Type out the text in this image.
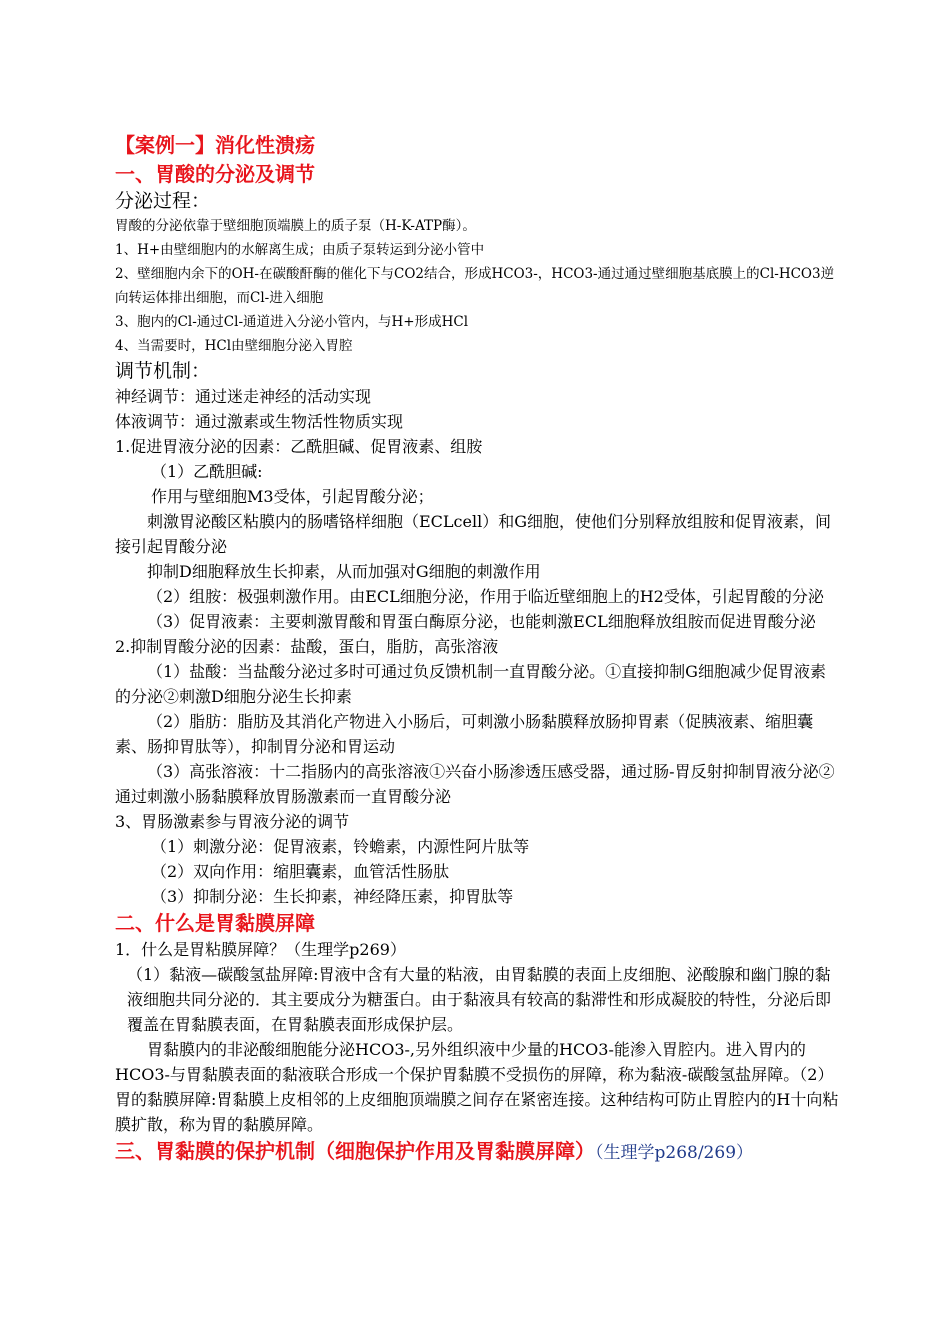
【案例一】消化性溃疡

一、胃酸的分泌及调节

分泌过程：

胃酸的分泌依靠于壁细胞顶端膜上的质子泵（H-K-ATP酶）。

1、H+由壁细胞内的水解离生成；由质子泵转运到分泌小管中

2、壁细胞内余下的OH-在碳酸酐酶的催化下与CO2结合，形成HCO3-，HCO3-通过通过壁细胞基底膜上的Cl-HCO3逆向转运体排出细胞，而Cl-进入细胞

3、胞内的Cl-通过Cl-通道进入分泌小管内，与H+形成HCl

4、当需要时，HCl由壁细胞分泌入胃腔

调节机制：

神经调节：通过迷走神经的活动实现

体液调节：通过激素或生物活性物质实现

1.促进胃液分泌的因素：乙酰胆碱、促胃液素、组胺

（1）乙酰胆碱:

作用与壁细胞M3受体，引起胃酸分泌；

刺激胃泌酸区粘膜内的肠嗜铬样细胞（ECLcell）和G细胞，使他们分别释放组胺和促胃液素，间接引起胃酸分泌

抑制D细胞释放生长抑素，从而加强对G细胞的刺激作用

（2）组胺：极强刺激作用。由ECL细胞分泌，作用于临近壁细胞上的H2受体，引起胃酸的分泌

（3）促胃液素：主要刺激胃酸和胃蛋白酶原分泌，也能刺激ECL细胞释放组胺而促进胃酸分泌

2.抑制胃酸分泌的因素：盐酸，蛋白，脂肪，高张溶液

（1）盐酸：当盐酸分泌过多时可通过负反馈机制一直胃酸分泌。①直接抑制G细胞减少促胃液素的分泌②刺激D细胞分泌生长抑素

（2）脂肪：脂肪及其消化产物进入小肠后，可刺激小肠黏膜释放肠抑胃素（促胰液素、缩胆囊素、肠抑胃肽等），抑制胃分泌和胃运动

（3）高张溶液：十二指肠内的高张溶液①兴奋小肠渗透压感受器，通过肠-胃反射抑制胃液分泌②通过刺激小肠黏膜释放胃肠激素而一直胃酸分泌

3、胃肠激素参与胃液分泌的调节

（1）刺激分泌：促胃液素，铃蟾素，内源性阿片肽等

（2）双向作用：缩胆囊素，血管活性肠肽

（3）抑制分泌：生长抑素，神经降压素，抑胃肽等

二、什么是胃黏膜屏障

1．什么是胃粘膜屏障？（生理学p269）

（1）黏液—碳酸氢盐屏障:胃液中含有大量的粘液，由胃黏膜的表面上皮细胞、泌酸腺和幽门腺的黏液细胞共同分泌的．其主要成分为糖蛋白。由于黏液具有较高的黏滞性和形成凝胶的特性，分泌后即覆盖在胃黏膜表面，在胃黏膜表面形成保护层。

胃黏膜内的非泌酸细胞能分泌HCO3-,另外组织液中少量的HCO3-能渗入胃腔内。进入胃内的HCO3-与胃黏膜表面的黏液联合形成一个保护胃黏膜不受损伤的屏障，称为黏液-碳酸氢盐屏障。（2）胃的黏膜屏障:胃黏膜上皮相邻的上皮细胞顶端膜之间存在紧密连接。这种结构可防止胃腔内的H十向粘膜扩散，称为胃的黏膜屏障。

三、胃黏膜的保护机制（细胞保护作用及胃黏膜屏障）（生理学p268/269）
